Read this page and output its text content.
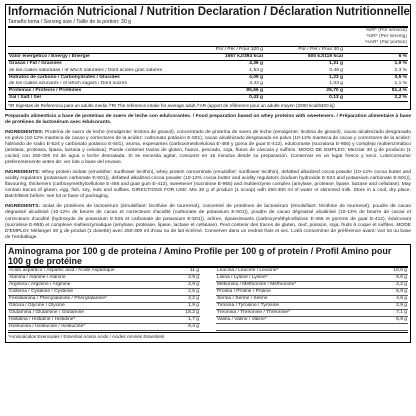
Información Nutricional / Nutrition Declaration / Déclaration Nutritionnelle
Tamaño toma / Serving size / Taille de la portion: 30 g
			%IR* (Por servicio)
			%IR* (Per serving)
			%AR* (Par portion)
	Por / Per / Pour 100 g	Por / Per / Pour 30 g	
Valor energético / Energy / Énergie	1667 kJ/394 kcal	500 kJ/119 kcal	6 %
Grasas / Fat / Graisses	4,36 g	1,31 g	1,9 %
de las cuales saturadas / of which saturates / Dont acides gras saturés	1,53 g	0,46 g	2,3 %
Hidratos de carbono / Carbohydrates / Glucides	4,09 g	1,23 g	0,5 %
de los cuales azúcares / of which sugars / Dont sucres	3,42 g	1,03 g	1,1 %
Proteínas / Proteins / Protéines	85,66 g	25,70 g	51,4 %
Sal / Salt / Sel	0,43 g	0,13 g	2,2 %
*IR Ingestas de Referencia para un adulto medio /*RI The reference intake for average adult /*AR (apport de référence pour un adulte moyen (2000 kcal/8400 kj)
Preparado alimenticio a base de proteínas de suero de leche con edulcorantes. / Food preparation based on whey proteins with sweeteners. / Préparation alimentaire à base de protéines de lactosérum avec édulcorants.
INGREDIENTES: Proteína de suero de leche (emulgente: lecitina de girasol), concentrado de proteína de suero de leche (emulgente: lecitina de girasol), cacao alcalinizado desgrasado en polvo (10-12% manteca de cacao y correctores de la acidez: carbonato potásico E-501), cacao alcalinizado desgrasado en polvo (10-12% manteca de cacao y correctores de la acidez: hidróxido de sodio E-524 y carbonato potásico E-501), aroma, espesantes (carboximetilcelulosa E-466 y goma de guar E-412), edulcorante (sucralosa E-955) y complejo multienzimático (amilasa, proteasa, lipasa, lactasa y celulasa). Puede contener trazas de gluten, huevo, pescado, soja, frutos de cáscara y sulfitos. MODO DE EMPLEO: Mezclar 30 g de producto (1 cacito) con 250-300 ml de agua o leche desnatada. Si se necesita agitar, consumir en 15 minutos desde su preparación. Conservar en un lugar fresco y seco. Lote/consumir preferentemente antes de: ver lote o base del envase.
INGREDIENTS: Whey protein isolate (emulsifier: sunflower lecithin), whey protein concentrate (emulsifier: sunflower lecithin), defatted alkalized cocoa powder (10-12% cocoa butter and acidity regulators (potassium carbonate E-501)), defatted alkalized cocoa powder (10-12% cocoa butter and acidity regulators (sodium hydroxide E-524 and potassium carbonate E-501)), flavouring, thickeners (carboxymethylcellulose E-466 and guar gum E-412), sweetener (sucralose E-955) and multienzyme complex (amylase, protease, lipase, lactase and cellulase). May contain traces of gluten, egg, fish, soy, nuts and sulfites. DIRECTIONS FOR USE: Mix 30 g of product (1 scoop) with 250-300 ml of water or skimmed milk. Store in a cool, dry place. Batch/Best before: see lot or base of packaging.
INGRÉDIENTS: Isolat de protéines de lactosérum (émulsifiant: lécithine de tournesol), concentré de protéines de lactosérum (émulsifiant: lécithine de tournesol), poudre de cacao dégraissé alcalinisé (10-12% de beurre de cacao et correcteurs d'acidité (carbonate de potassium E-501)), poudre de cacao dégraissé alcalinisé (10-12% de beurre de cacao et correcteurs d'acidité (hydroxyde de potassium E-525 et carbonate de potassium E-501)), arôme, épaississants (carboxyméthylcellulose E-466 et gomme de guar E-412), édulcorant (sucralose E-955) et complexe multienzymatique (amylase, protéase, lipase, lactase et cellulase). Peut contenir des traces de gluten, œuf, poisson, soja, fruits à coque et sulfites. MODE D'EMPLOI: Mélanger 30 g de produit (1 dosette) avec 250-300 ml d'eau ou de lait écrémé. Conserver dans un endroit frais et sec. Lot/à consommer de préférence avant: voir lot ou base de l'emballage.
Aminograma por 100 g de proteína / Amino Profile per 100 g of protein / Profil Amino pour 100 g de protéine
Ácido aspártico / Aspartic acid / Acide Aspartique	11 g		Leucina / Leucine / Leucine*	10,6 g
Alanina / Alanine / Alanine	4,9 g		Lisina / Lysine / Lysine*	9,6 g
Arginina / Arginine / Arginine	2,9 g		Metionina / Methionine / Méthionine*	2,2 g
Cisteína / Cysteine / Cystéine	2,5 g		Prolina / Proline / Proline	5,9 g
Fenilalanina / Phenylalanine / Phénylalanine*	3,2 g		Serina / Serine / Sérine	4,8 g
Glicina / Glycine / Glycine	1,9 g		Tirosina / Tyrosine / Tyrosine	2,9 g
Glutamina / Glutamine / Glutamine	18,2 g		Treonina / Threonine / Thréonine*	7,1 g
Histidina / Histidine / Histidine*	1,7 g		Valina / Valine / Valine*	5,9 g
Isoleucina / Isoleucine / Isoleucine*	6,4 g			
*Aminoácidos Esenciales / Essential Amino Acids / Acides Aminés Essentiels
